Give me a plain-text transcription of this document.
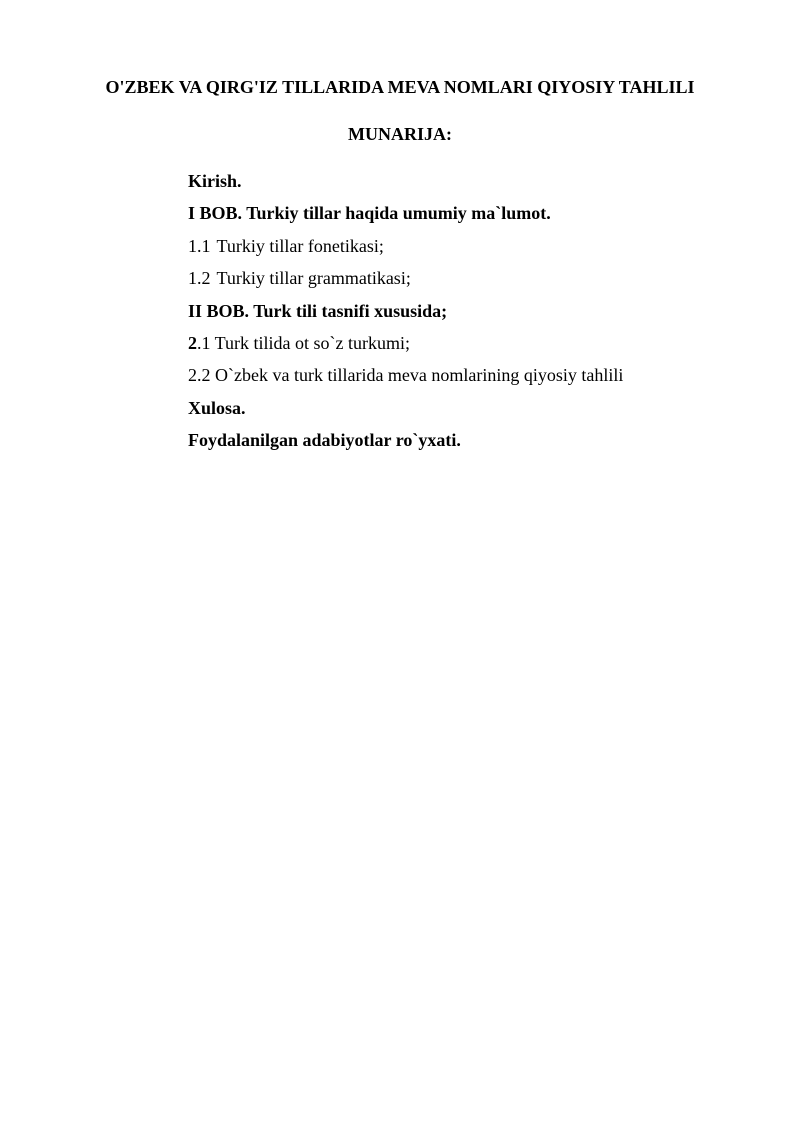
O'ZBEK VA QIRG'IZ TILLARIDA MEVA NOMLARI QIYOSIY TAHLILI
MUNARIJA:
Kirish.
I BOB. Turkiy tillar haqida umumiy ma`lumot.
1.1 Turkiy tillar fonetikasi;
1.2 Turkiy tillar grammatikasi;
II BOB. Turk tili tasnifi xususida;
2.1 Turk tilida ot so`z turkumi;
2.2 O`zbek va turk tillarida meva nomlarining qiyosiy tahlili
Xulosa.
Foydalanilgan adabiyotlar ro`yxati.
